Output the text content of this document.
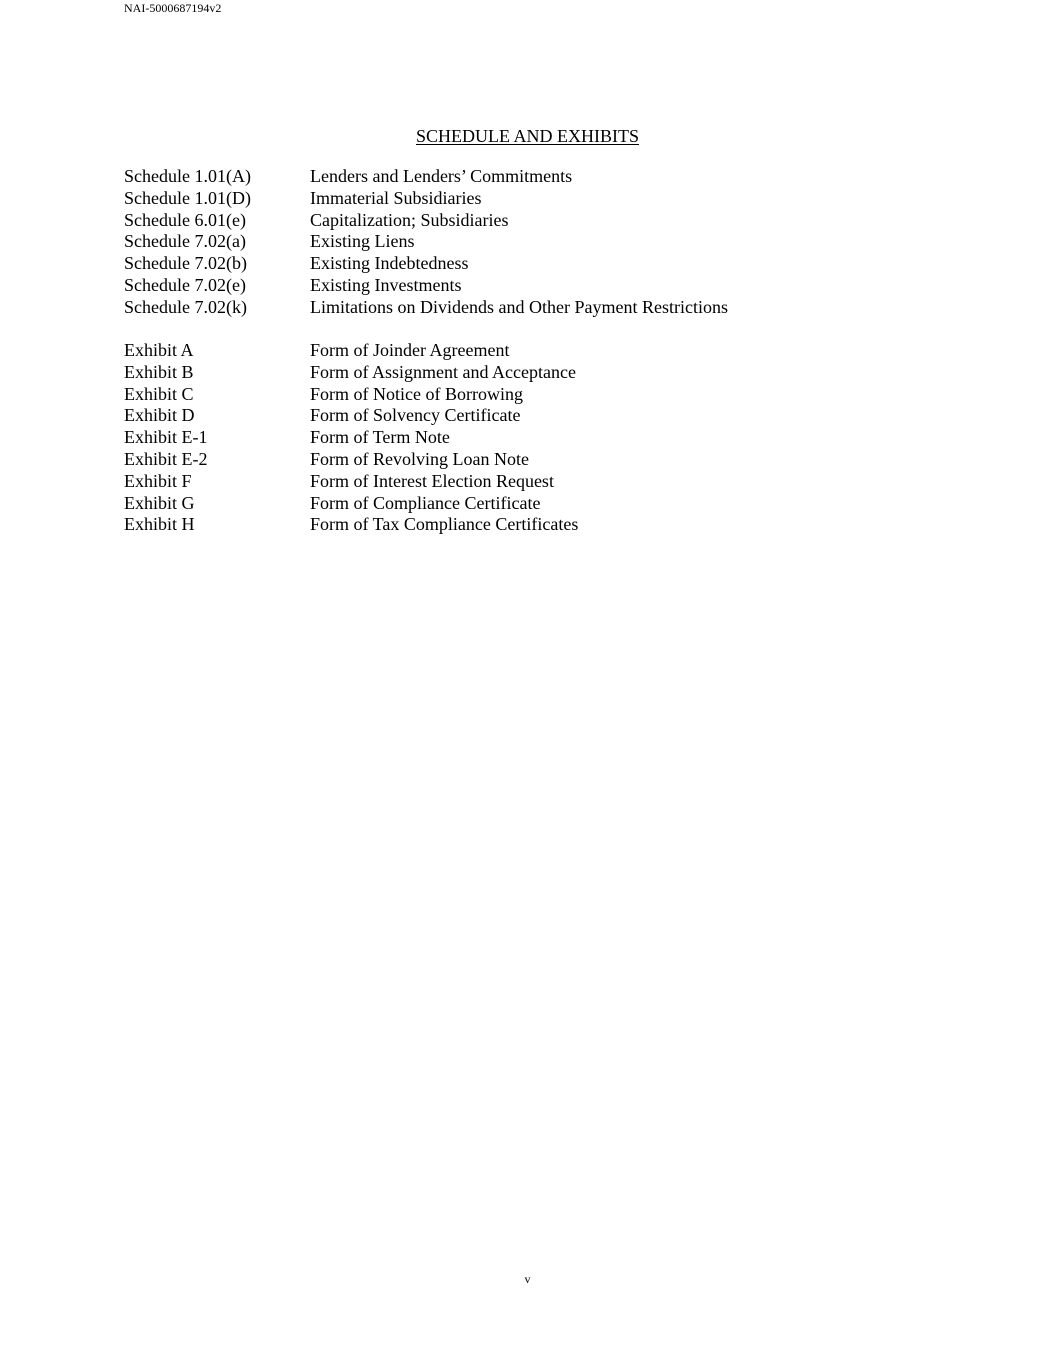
NAI-5000687194v2
SCHEDULE AND EXHIBITS
Schedule 1.01(A)	Lenders and Lenders’ Commitments
Schedule 1.01(D)	Immaterial Subsidiaries
Schedule 6.01(e)	Capitalization; Subsidiaries
Schedule 7.02(a)	Existing Liens
Schedule 7.02(b)	Existing Indebtedness
Schedule 7.02(e)	Existing Investments
Schedule 7.02(k)	Limitations on Dividends and Other Payment Restrictions
Exhibit A	Form of Joinder Agreement
Exhibit B	Form of Assignment and Acceptance
Exhibit C	Form of Notice of Borrowing
Exhibit D	Form of Solvency Certificate
Exhibit E-1	Form of Term Note
Exhibit E-2	Form of Revolving Loan Note
Exhibit F	Form of Interest Election Request
Exhibit G	Form of Compliance Certificate
Exhibit H	Form of Tax Compliance Certificates
v
